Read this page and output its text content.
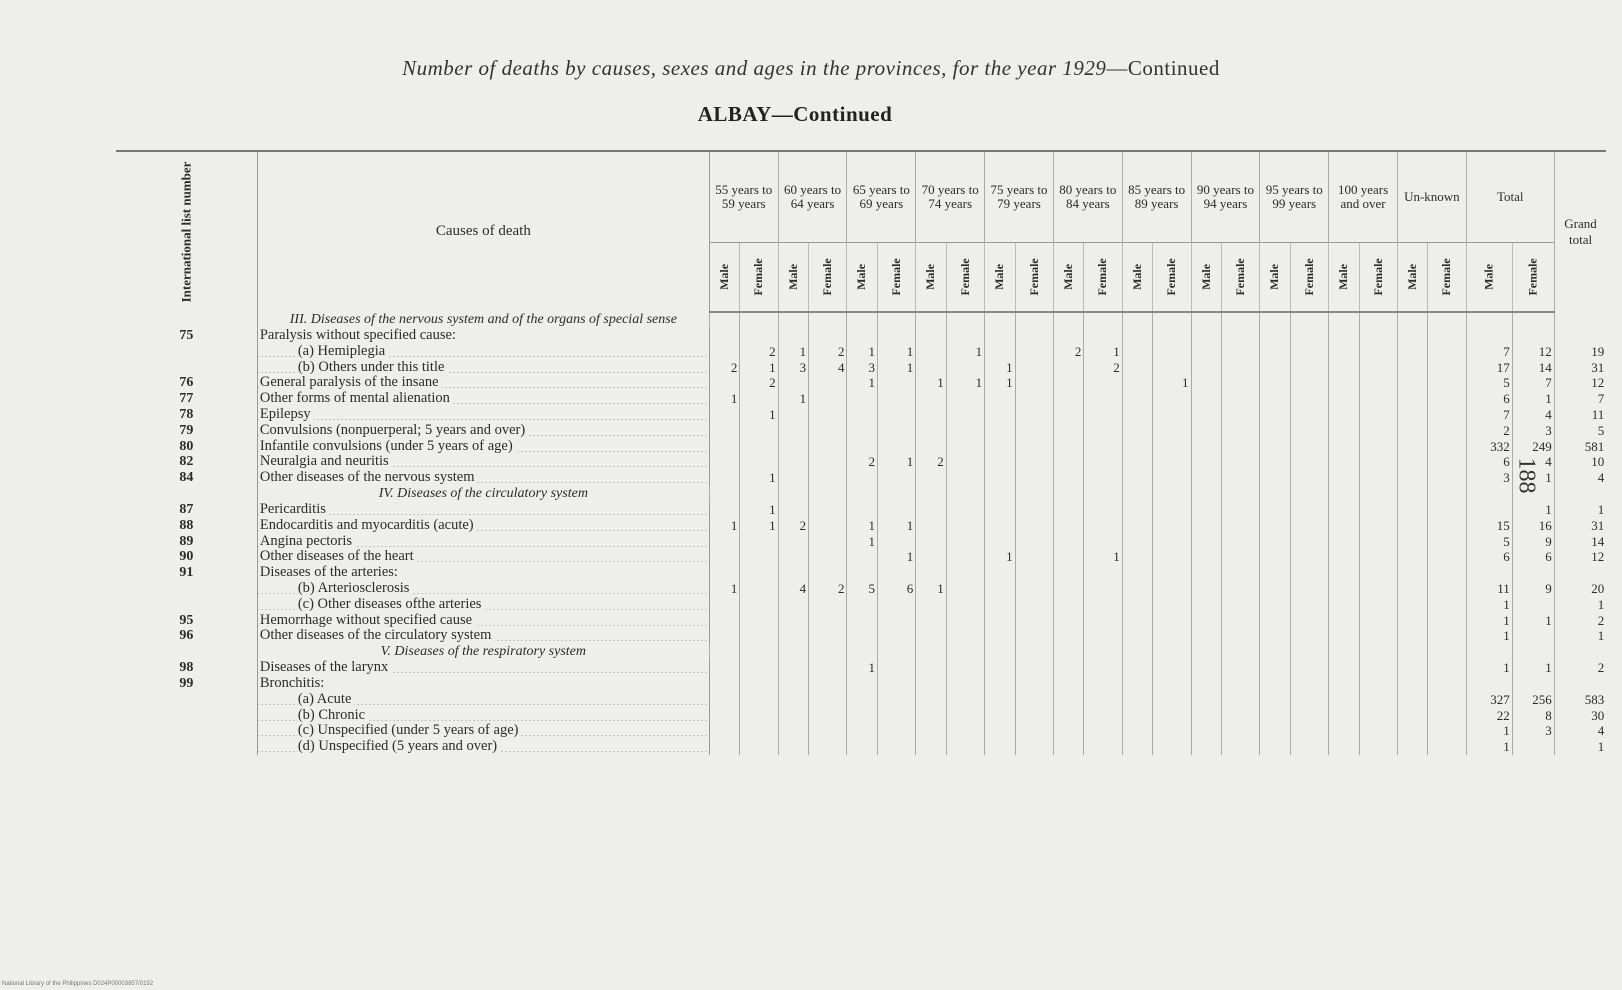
Number of deaths by causes, sexes and ages in the provinces, for the year 1929—Continued
ALBAY—Continued
188
National Library of the Philippines D024P00003857/0152
International list number	Causes of death	55 years to 59 years		60 years to 64 years		65 years to 69 years		70 years to 74 years		75 years to 79 years		80 years to 84 years		85 years to 89 years		90 years to 94 years		95 years to 99 years		100 years and over		Un-known		Total		Grand total

		Male	Female	Male	Female	Male	Female	Male	Female	Male	Female	Male	Female	Male	Female	Male	Female	Male	Female	Male	Female	Male	Female	Male	Female	

	III. Diseases of the nervous system and of the organs of special sense																									
75	Paralysis without specified cause:																									
	(a) Hemiplegia		2	1	2	1	1		1			2	1											7	12	19
	(b) Others under this title	2	1	3	4	3	1			1			2											17	14	31
76	General paralysis of the insane		2			1		1	1	1					1									5	7	12
77	Other forms of mental alienation	1		1																				6	1	7
78	Epilepsy		1																					7	4	11
79	Convulsions (nonpuerperal; 5 years and over)																							2	3	5
80	Infantile convulsions (under 5 years of age)																							332	249	581
82	Neuralgia and neuritis					2	1	2																6	4	10
84	Other diseases of the nervous system		1																					3	1	4
	IV. Diseases of the circulatory system																									
87	Pericarditis		1																						1	1
88	Endocarditis and myocarditis (acute)	1	1	2		1	1																	15	16	31
89	Angina pectoris					1																		5	9	14
90	Other diseases of the heart						1			1			1											6	6	12
91	Diseases of the arteries:																									
	(b) Arteriosclerosis	1		4	2	5	6	1																11	9	20
	(c) Other diseases ofthe arteries																							1		1
95	Hemorrhage without specified cause																							1	1	2
96	Other diseases of the circulatory system																							1		1
	V. Diseases of the respiratory system																									
98	Diseases of the larynx					1																		1	1	2
99	Bronchitis:																									
	(a) Acute																							327	256	583
	(b) Chronic																							22	8	30
	(c) Unspecified (under 5 years of age)																							1	3	4
	(d) Unspecified (5 years and over)																							1		1
